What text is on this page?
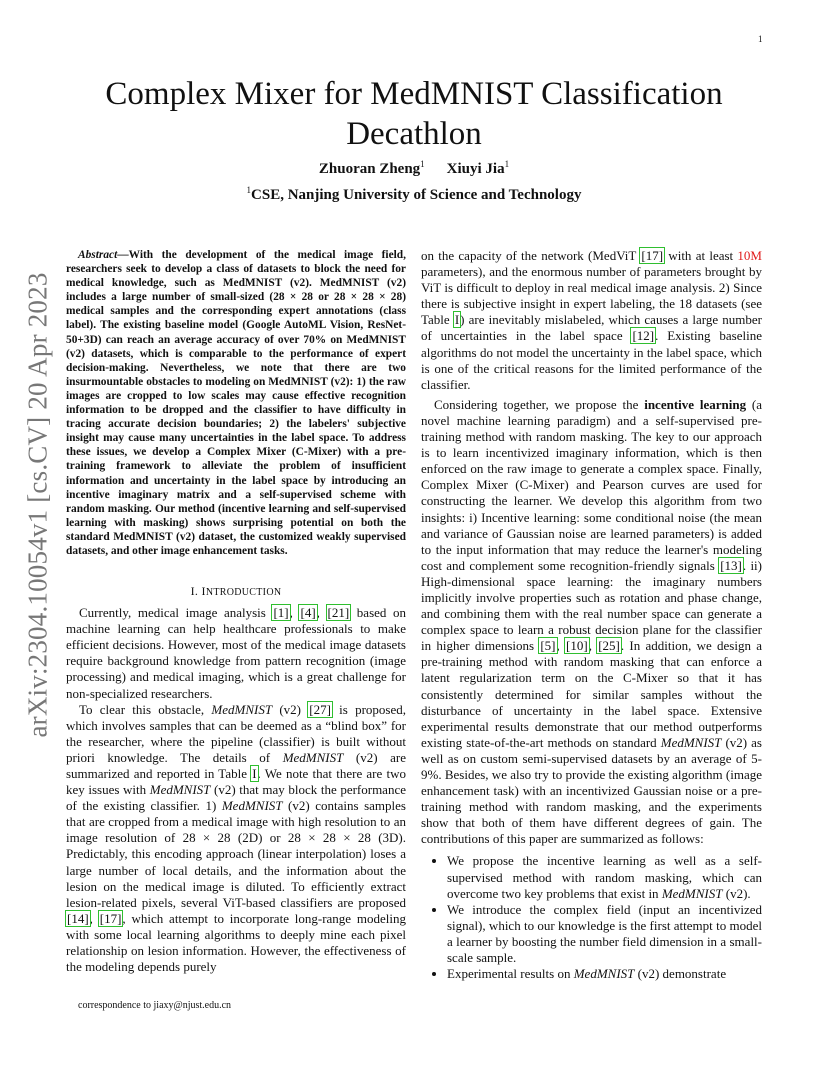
1
arXiv:2304.10054v1 [cs.CV] 20 Apr 2023
Complex Mixer for MedMNIST Classification Decathlon
Zhuoran Zheng$^1$ Xiuyi Jia$^1$
$^1$CSE, Nanjing University of Science and Technology

Abstract—With the development of the medical image field, researchers seek to develop a class of datasets to block the need for medical knowledge, such as MedMNIST (v2). MedMNIST (v2) includes a large number of small-sized (28 × 28 or 28 × 28 × 28) medical samples and the corresponding expert annotations (class label). The existing baseline model (Google AutoML Vision, ResNet-50+3D) can reach an average accuracy of over 70% on MedMNIST (v2) datasets, which is comparable to the performance of expert decision-making. Nevertheless, we note that there are two insurmountable obstacles to modeling on MedMNIST (v2): 1) the raw images are cropped to low scales may cause effective recognition information to be dropped and the classifier to have difficulty in tracing accurate decision boundaries; 2) the labelers' subjective insight may cause many uncertainties in the label space. To address these issues, we develop a Complex Mixer (C-Mixer) with a pre-training framework to alleviate the problem of insufficient information and uncertainty in the label space by introducing an incentive imaginary matrix and a self-supervised scheme with random masking. Our method (incentive learning and self-supervised learning with masking) shows surprising potential on both the standard MedMNIST (v2) dataset, the customized weakly supervised datasets, and other image enhancement tasks.

I. INTRODUCTION

Currently, medical image analysis [1], [4], [21] based on machine learning can help healthcare professionals to make efficient decisions. However, most of the medical image datasets require background knowledge from pattern recognition (image processing) and medical imaging, which is a great challenge for non-specialized researchers.

To clear this obstacle, MedMNIST (v2) [27] is proposed, which involves samples that can be deemed as a “blind box” for the researcher, where the pipeline (classifier) is built without priori knowledge. The details of MedMNIST (v2) are summarized and reported in Table I. We note that there are two key issues with MedMNIST (v2) that may block the performance of the existing classifier. 1) MedMNIST (v2) contains samples that are cropped from a medical image with high resolution to an image resolution of 28 × 28 (2D) or 28 × 28 × 28 (3D). Predictably, this encoding approach (linear interpolation) loses a large number of local details, and the information about the lesion on the medical image is diluted. To efficiently extract lesion-related pixels, several ViT-based classifiers are proposed [14], [17], which attempt to incorporate long-range modeling with some local learning algorithms to deeply mine each pixel relationship on lesion information. However, the effectiveness of the modeling depends purely

on the capacity of the network (MedViT [17] with at least 10M parameters), and the enormous number of parameters brought by ViT is difficult to deploy in real medical image analysis. 2) Since there is subjective insight in expert labeling, the 18 datasets (see Table I) are inevitably mislabeled, which causes a large number of uncertainties in the label space [12]. Existing baseline algorithms do not model the uncertainty in the label space, which is one of the critical reasons for the limited performance of the classifier.

Considering together, we propose the incentive learning (a novel machine learning paradigm) and a self-supervised pre-training method with random masking. The key to our approach is to learn incentivized imaginary information, which is then enforced on the raw image to generate a complex space. Finally, Complex Mixer (C-Mixer) and Pearson curves are used for constructing the learner. We develop this algorithm from two insights: i) Incentive learning: some conditional noise (the mean and variance of Gaussian noise are learned parameters) is added to the input information that may reduce the learner's modeling cost and complement some recognition-friendly signals [13]. ii) High-dimensional space learning: the imaginary numbers implicitly involve properties such as rotation and phase change, and combining them with the real number space can generate a complex space to learn a robust decision plane for the classifier in higher dimensions [5], [10], [25]. In addition, we design a pre-training method with random masking that can enforce a latent regularization term on the C-Mixer so that it has consistently determined for similar samples without the disturbance of uncertainty in the label space. Extensive experimental results demonstrate that our method outperforms existing state-of-the-art methods on standard MedMNIST (v2) as well as on custom semi-supervised datasets by an average of 5-9%. Besides, we also try to provide the existing algorithm (image enhancement task) with an incentivized Gaussian noise or a pre-training method with random masking, and the experiments show that both of them have different degrees of gain. The contributions of this paper are summarized as follows:

• We propose the incentive learning as well as a self-supervised method with random masking, which can overcome two key problems that exist in MedMNIST (v2).
• We introduce the complex field (input an incentivized signal), which to our knowledge is the first attempt to model a learner by boosting the number field dimension in a small-scale sample.
• Experimental results on MedMNIST (v2) demonstrate
correspondence to jiaxy@njust.edu.cn
